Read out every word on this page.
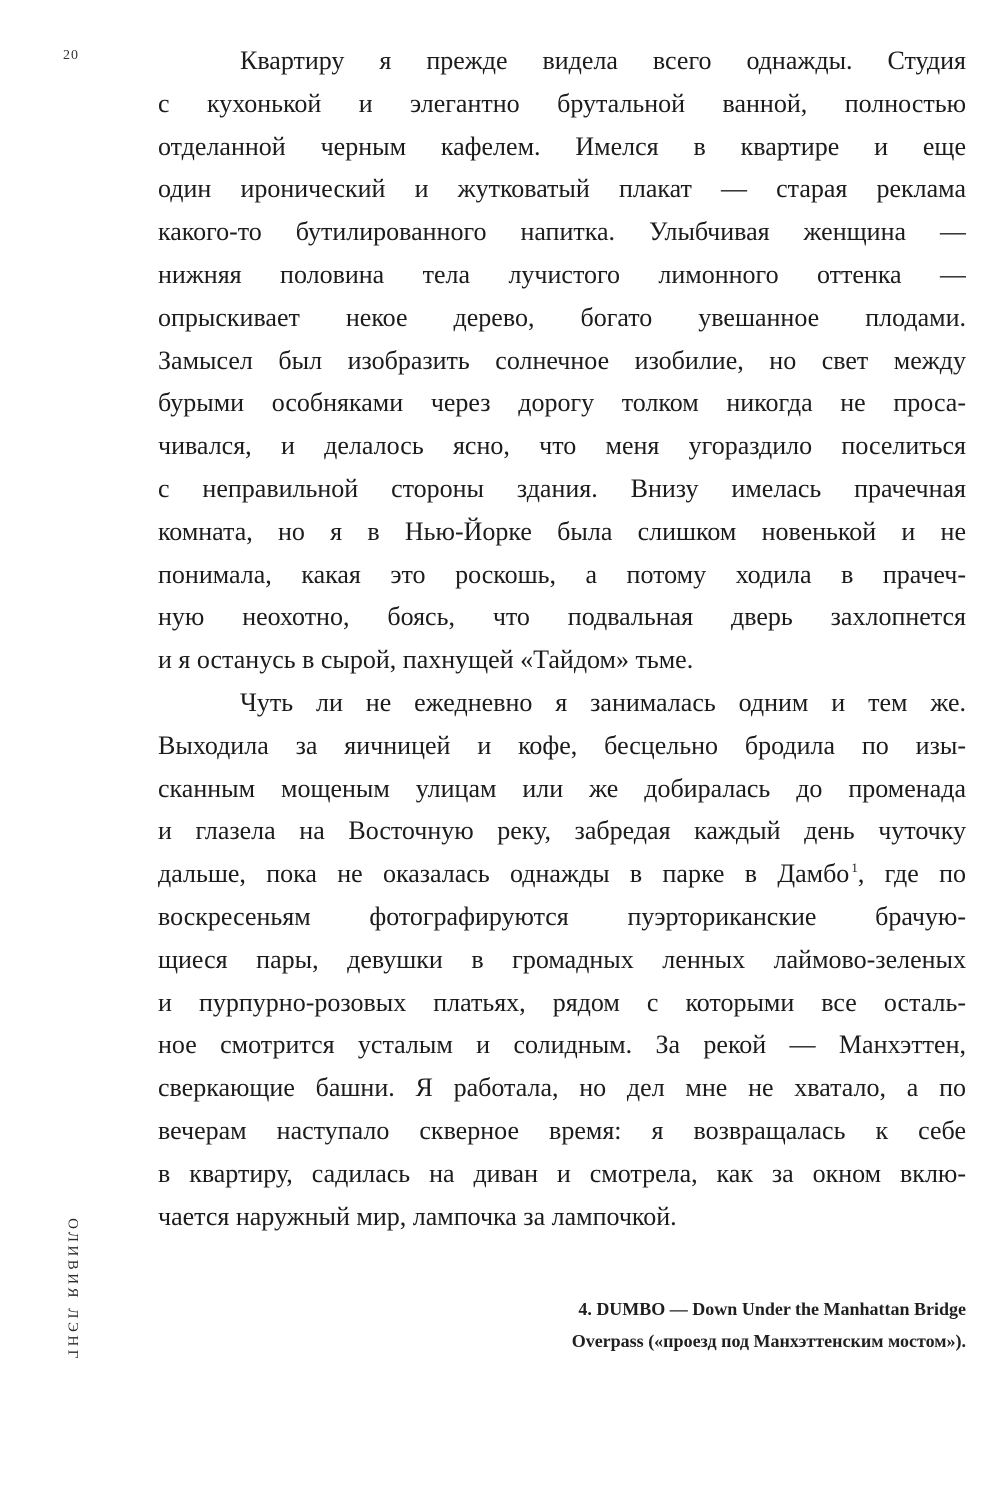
20
ОЛИВИЯ ЛЭНГ
Квартиру я прежде видела всего однажды. Студия
с кухонькой и элегантно брутальной ванной, полностью
отделанной черным кафелем. Имелся в квартире и еще
один иронический и жутковатый плакат — старая реклама
какого-то бутилированного напитка. Улыбчивая женщина —
нижняя половина тела лучистого лимонного оттенка —
опрыскивает некое дерево, богато увешанное плодами.
Замысел был изобразить солнечное изобилие, но свет между
бурыми особняками через дорогу толком никогда не проса-
чивался, и делалось ясно, что меня угораздило поселиться
с неправильной стороны здания. Внизу имелась прачечная
комната, но я в Нью-Йорке была слишком новенькой и не
понимала, какая это роскошь, а потому ходила в прачеч-
ную неохотно, боясь, что подвальная дверь захлопнется
и я останусь в сырой, пахнущей «Тайдом» тьме.
Чуть ли не ежедневно я занималась одним и тем же.
Выходила за яичницей и кофе, бесцельно бродила по изы-
сканным мощеным улицам или же добиралась до променада
и глазела на Восточную реку, забредая каждый день чуточку
дальше, пока не оказалась однажды в парке в Дамбо $^1$, где по
воскресеньям фотографируются пуэрториканские брачую-
щиеся пары, девушки в громадных ленных лаймово-зеленых
и пурпурно-розовых платьях, рядом с которыми все осталь-
ное смотрится усталым и солидным. За рекой — Манхэттен,
сверкающие башни. Я работала, но дел мне не хватало, а по
вечерам наступало скверное время: я возвращалась к себе
в квартиру, садилась на диван и смотрела, как за окном вклю-
чается наружный мир, лампочка за лампочкой.
4. DUMBO — Down Under the Manhattan Bridge
Overpass («проезд под Манхэттенским мостом»).
